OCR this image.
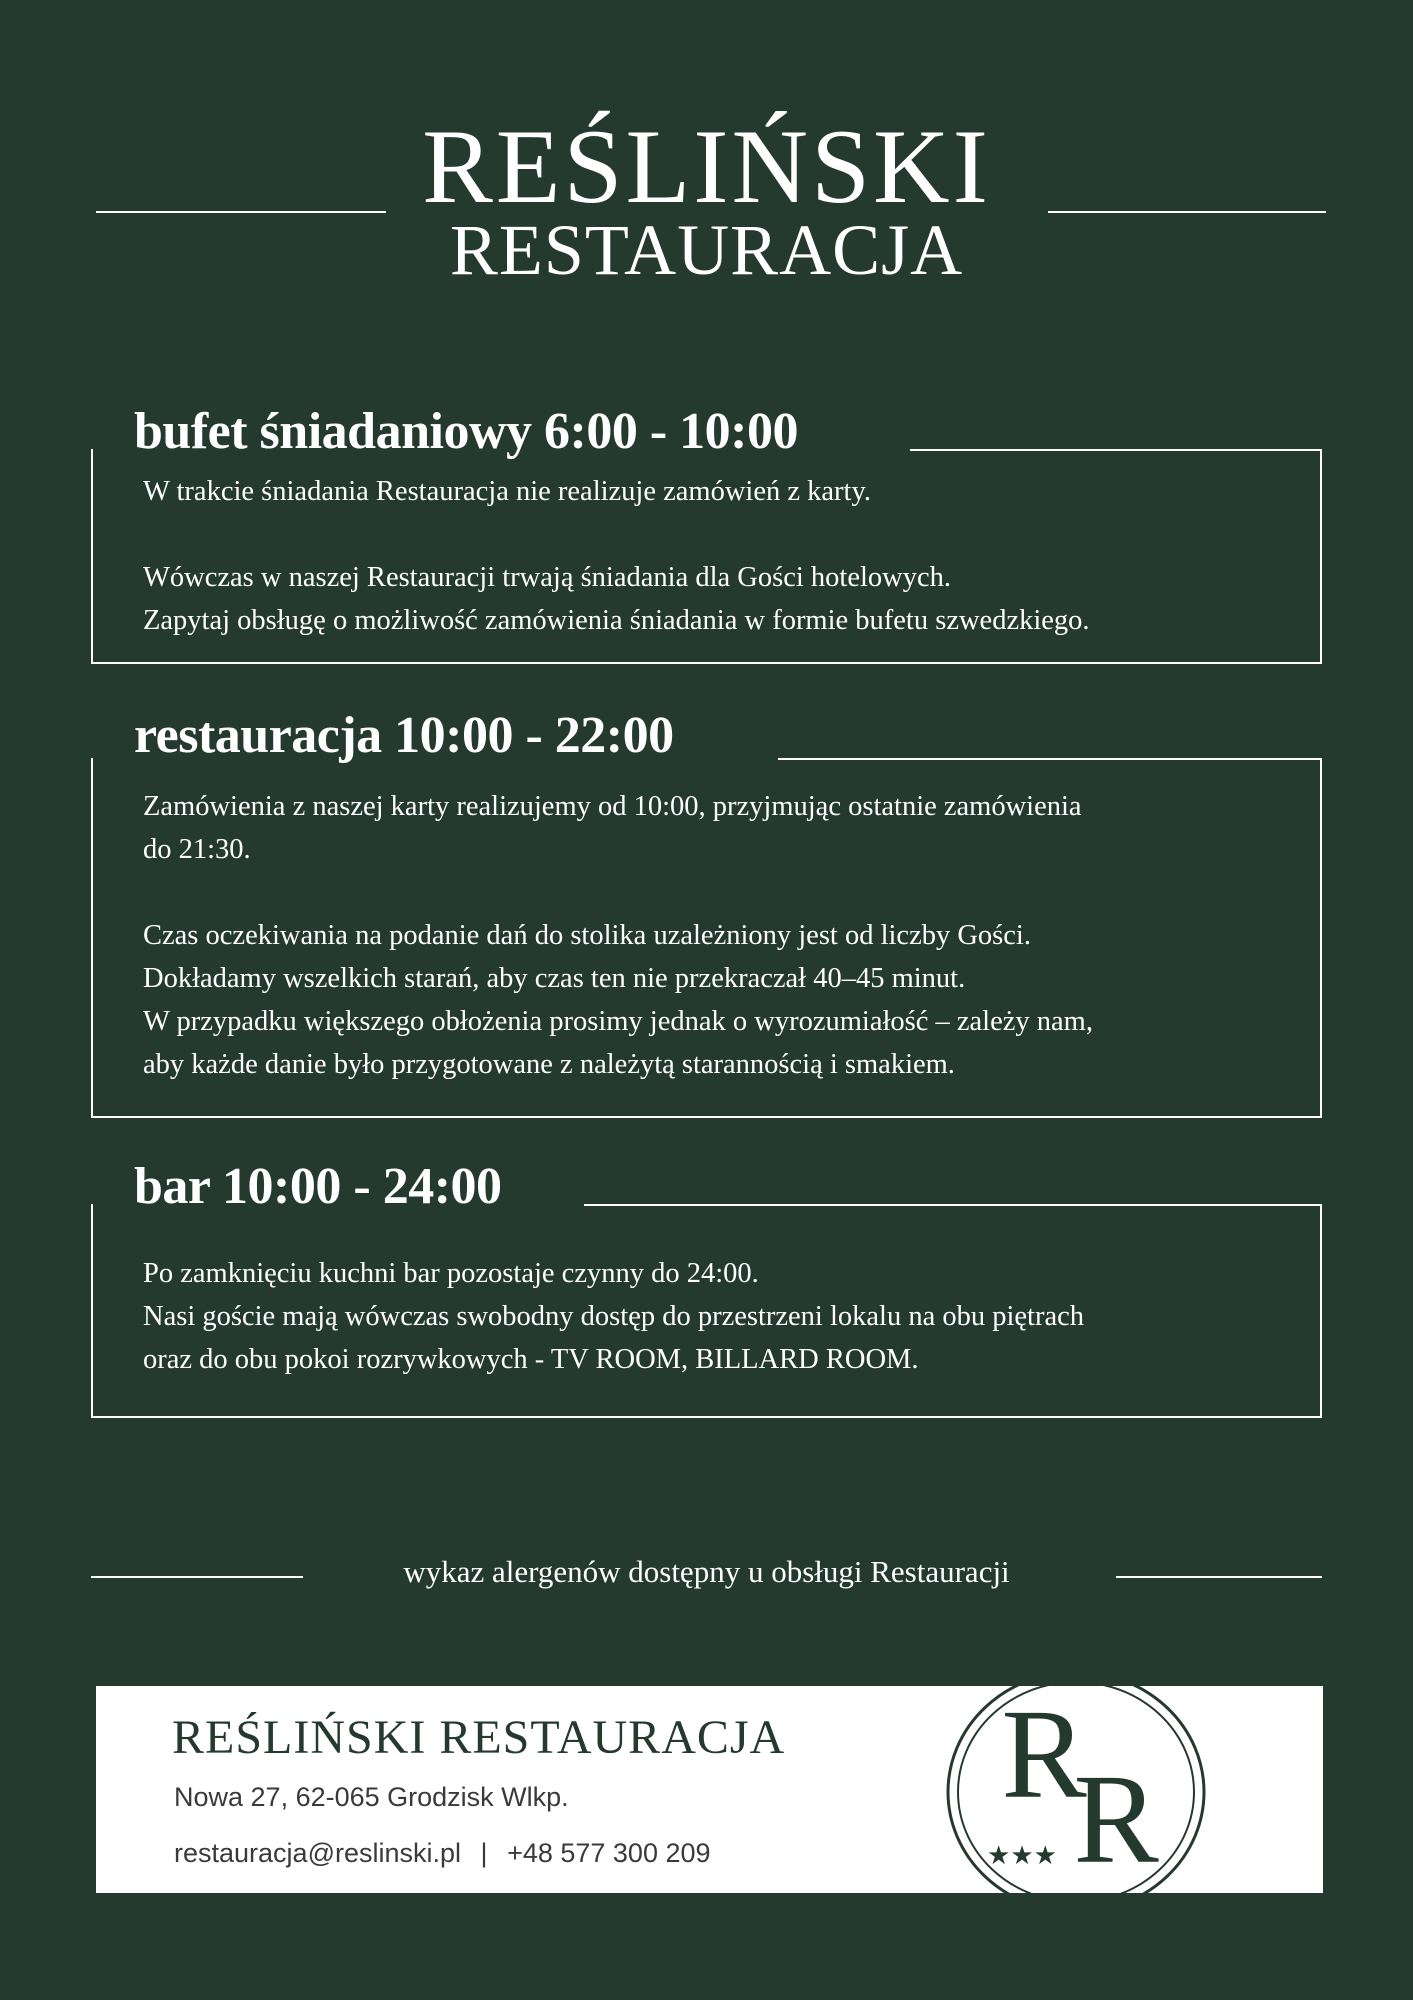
REŚLIŃSKI
RESTAURACJA
bufet śniadaniowy 6:00 - 10:00

W trakcie śniadania Restauracja nie realizuje zamówień z karty.

Wówczas w naszej Restauracji trwają śniadania dla Gości hotelowych.

Zapytaj obsługę o możliwość zamówienia śniadania w formie bufetu szwedzkiego.

restauracja 10:00 - 22:00

Zamówienia z naszej karty realizujemy od 10:00, przyjmując ostatnie zamówienia

do 21:30.

Czas oczekiwania na podanie dań do stolika uzależniony jest od liczby Gości.

Dokładamy wszelkich starań, aby czas ten nie przekraczał 40–45 minut.

W przypadku większego obłożenia prosimy jednak o wyrozumiałość – zależy nam,

aby każde danie było przygotowane z należytą starannością i smakiem.

bar 10:00 - 24:00

Po zamknięciu kuchni bar pozostaje czynny do 24:00.

Nasi goście mają wówczas swobodny dostęp do przestrzeni lokalu na obu piętrach

oraz do obu pokoi rozrywkowych - TV ROOM, BILLARD ROOM.

wykaz alergenów dostępny u obsługi Restauracji
REŚLIŃSKI RESTAURACJA
Nowa 27, 62-065 Grodzisk Wlkp.
restauracja@reslinski.pl | +48 577 300 209
R
R
★★★
